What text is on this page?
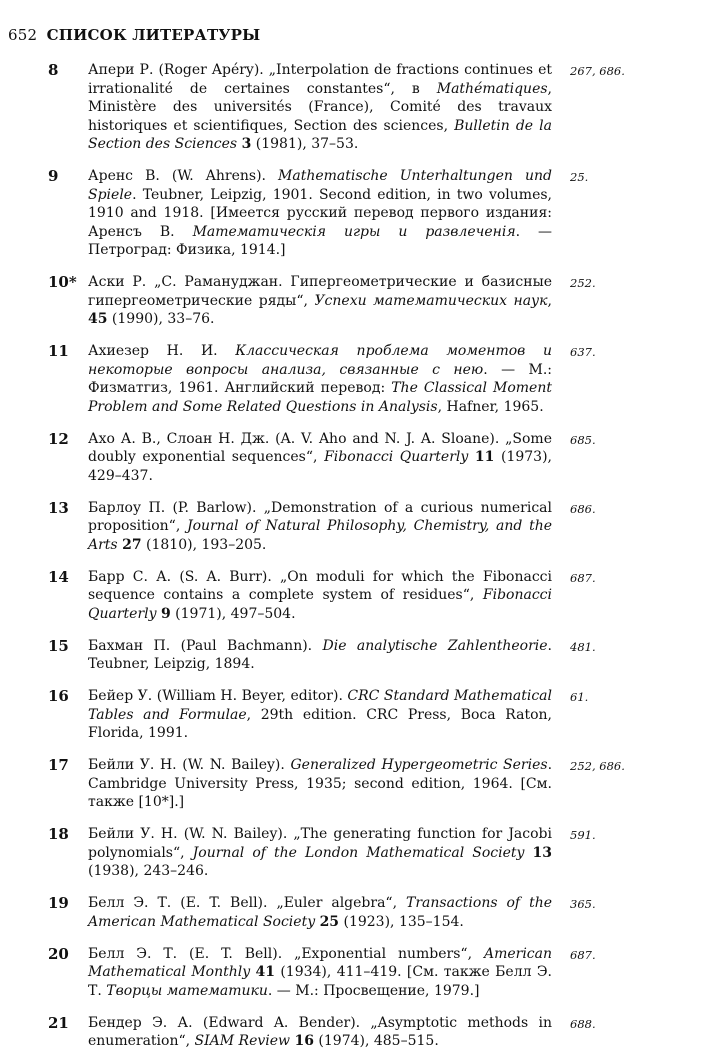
652 СПИСОК ЛИТЕРАТУРЫ
8 Апери Р. (Roger Apéry). „Interpolation de fractions continues et irrationalité de certaines constantes“, в Mathématiques, Ministère des universités (France), Comité des travaux historiques et scientifiques, Section des sciences, Bulletin de la Section des Sciences 3 (1981), 37–53.
267, 686.
9 Аренс В. (W. Ahrens). Mathematische Unterhaltungen und Spiele. Teubner, Leipzig, 1901. Second edition, in two volumes, 1910 and 1918. [Имеется русский перевод первого издания: Аренсъ В. Математическія игры и развлеченія. — Петроград: Физика, 1914.]
25.
10* Аски Р. „С. Рамануджан. Гипергеометрические и базисные гипергеометрические ряды“, Успехи математических наук, 45 (1990), 33–76.
252.
11 Ахиезер Н. И. Классическая проблема моментов и некоторые вопросы анализа, связанные с нею. — М.: Физматгиз, 1961. Английский перевод: The Classical Moment Problem and Some Related Questions in Analysis, Hafner, 1965.
637.
12 Ахо А. В., Слоан Н. Дж. (A. V. Aho and N. J. A. Sloane). „Some doubly exponential sequences“, Fibonacci Quarterly 11 (1973), 429–437.
685.
13 Барлоу П. (P. Barlow). „Demonstration of a curious numerical proposition“, Journal of Natural Philosophy, Chemistry, and the Arts 27 (1810), 193–205.
686.
14 Барр С. А. (S. A. Burr). „On moduli for which the Fibonacci sequence contains a complete system of residues“, Fibonacci Quarterly 9 (1971), 497–504.
687.
15 Бахман П. (Paul Bachmann). Die analytische Zahlentheorie. Teubner, Leipzig, 1894.
481.
16 Бейер У. (William H. Beyer, editor). CRC Standard Mathematical Tables and Formulae, 29th edition. CRC Press, Boca Raton, Florida, 1991.
61.
17 Бейли У. Н. (W. N. Bailey). Generalized Hypergeometric Series. Cambridge University Press, 1935; second edition, 1964. [См. также [10*].]
252, 686.
18 Бейли У. Н. (W. N. Bailey). „The generating function for Jacobi polynomials“, Journal of the London Mathematical Society 13 (1938), 243–246.
591.
19 Белл Э. Т. (E. T. Bell). „Euler algebra“, Transactions of the American Mathematical Society 25 (1923), 135–154.
365.
20 Белл Э. Т. (E. T. Bell). „Exponential numbers“, American Mathematical Monthly 41 (1934), 411–419. [См. также Белл Э. Т. Творцы математики. — М.: Просвещение, 1979.]
687.
21 Бендер Э. А. (Edward A. Bender). „Asymptotic methods in enumeration“, SIAM Review 16 (1974), 485–515.
688.
